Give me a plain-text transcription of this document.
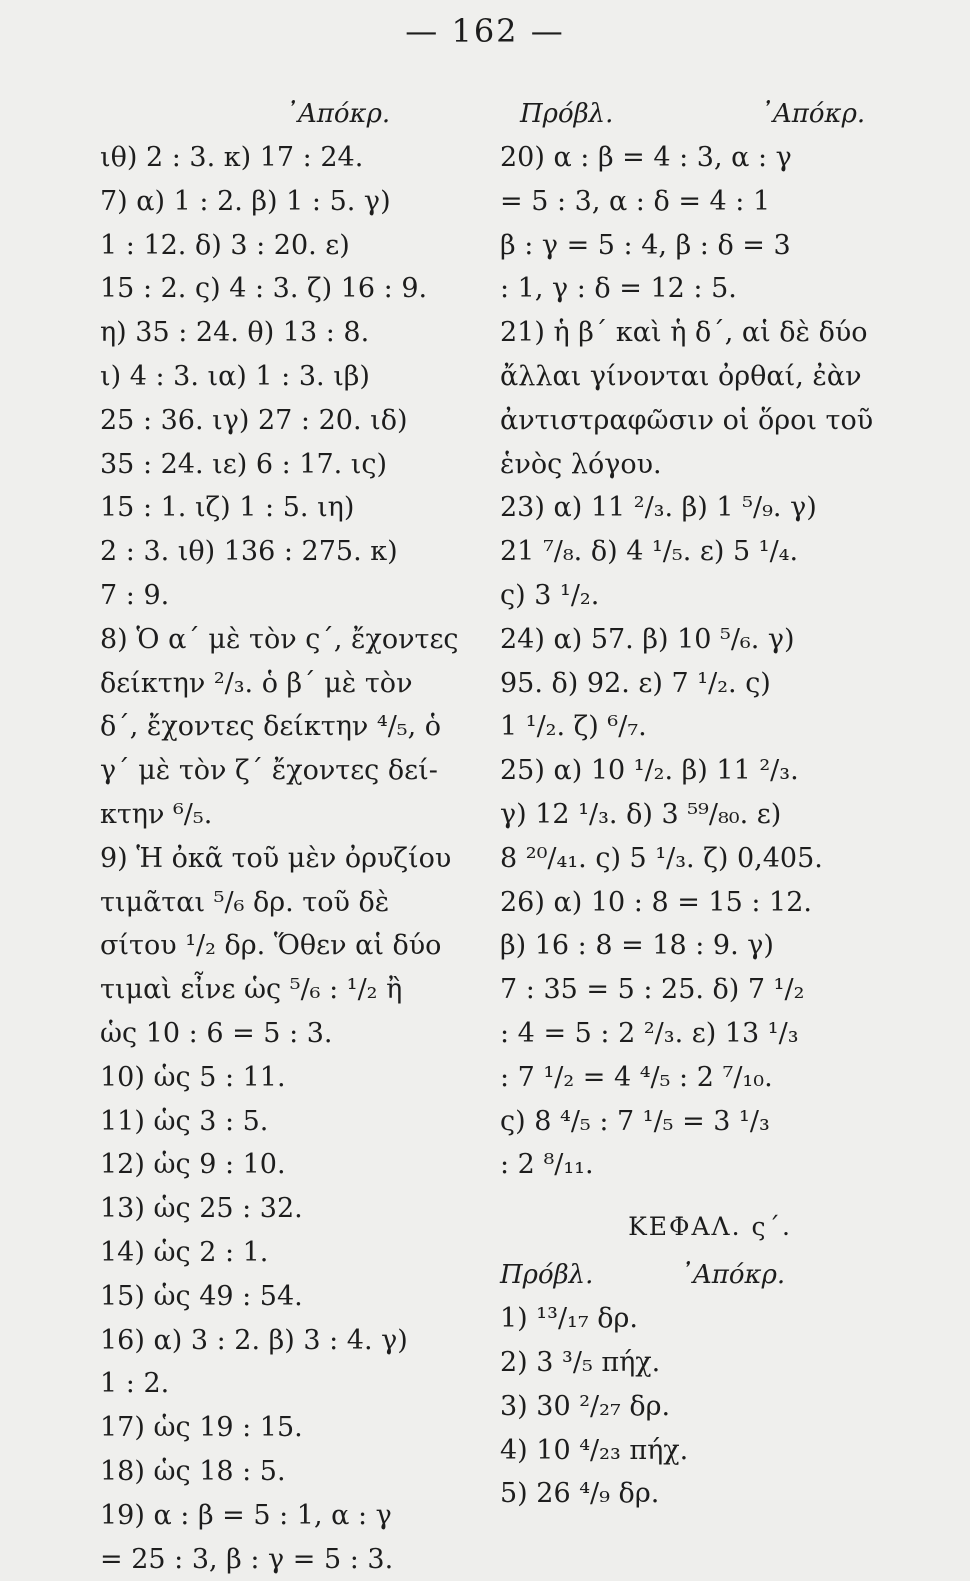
— 162 —
᾿Απόκρ.
ιθ) 2 : 3. κ) 17 : 24.
7) α) 1 : 2. β) 1 : 5. γ)
1 : 12. δ) 3 : 20. ε)
15 : 2. ς) 4 : 3. ζ) 16 : 9.
η) 35 : 24. θ) 13 : 8.
ι) 4 : 3. ια) 1 : 3. ιβ)
25 : 36. ιγ) 27 : 20. ιδ)
35 : 24. ιε) 6 : 17. ις)
15 : 1. ιζ) 1 : 5. ιη)
2 : 3. ιθ) 136 : 275. κ)
7 : 9.
8) Ὁ α΄ μὲ τὸν ς΄, ἔχοντες
δείκτην ²/₃. ὁ β΄ μὲ τὸν
δ΄, ἔχοντες δείκτην ⁴/₅, ὁ
γ΄ μὲ τὸν ζ΄ ἔχοντες δεί-
κτην ⁶/₅.
9) Ἡ ὀκᾶ τοῦ μὲν ὀρυζίου
τιμᾶται ⁵/₆ δρ. τοῦ δὲ
σίτου ¹/₂ δρ. Ὅθεν αἱ δύο
τιμαὶ εἶνε ὡς ⁵/₆ : ¹/₂ ἢ
ὡς 10 : 6 = 5 : 3.
10) ὡς 5 : 11.
11) ὡς 3 : 5.
12) ὡς 9 : 10.
13) ὡς 25 : 32.
14) ὡς 2 : 1.
15) ὡς 49 : 54.
16) α) 3 : 2. β) 3 : 4. γ)
1 : 2.
17) ὡς 19 : 15.
18) ὡς 18 : 5.
19) α : β = 5 : 1, α : γ
= 25 : 3, β : γ = 5 : 3.
Πρόβλ.	᾿Απόκρ.
20) α : β = 4 : 3, α : γ
= 5 : 3, α : δ = 4 : 1
β : γ = 5 : 4, β : δ = 3
: 1, γ : δ = 12 : 5.
21) ἡ β΄ καὶ ἡ δ΄, αἱ δὲ δύο
ἄλλαι γίνονται ὀρθαί, ἐὰν
ἀντιστραφῶσιν οἱ ὅροι τοῦ
ἑνὸς λόγου.
23) α) 11 ²/₃. β) 1 ⁵/₉. γ)
21 ⁷/₈. δ) 4 ¹/₅. ε) 5 ¹/₄.
ς) 3 ¹/₂.
24) α) 57. β) 10 ⁵/₆. γ)
95. δ) 92. ε) 7 ¹/₂. ς)
1 ¹/₂. ζ) ⁶/₇.
25) α) 10 ¹/₂. β) 11 ²/₃.
γ) 12 ¹/₃. δ) 3 ⁵⁹/₈₀. ε)
8 ²⁰/₄₁. ς) 5 ¹/₃. ζ) 0,405.
26) α) 10 : 8 = 15 : 12.
β) 16 : 8 = 18 : 9. γ)
7 : 35 = 5 : 25. δ) 7 ¹/₂
: 4 = 5 : 2 ²/₃. ε) 13 ¹/₃
: 7 ¹/₂ = 4 ⁴/₅ : 2 ⁷/₁₀.
ς) 8 ⁴/₅ : 7 ¹/₅ = 3 ¹/₃
: 2 ⁸/₁₁.
ΚΕΦΑΛ. ς΄.
Πρόβλ.	᾿Απόκρ.
1) ¹³/₁₇ δρ.
2) 3 ³/₅ πήχ.
3) 30 ²/₂₇ δρ.
4) 10 ⁴/₂₃ πήχ.
5) 26 ⁴/₉ δρ.
